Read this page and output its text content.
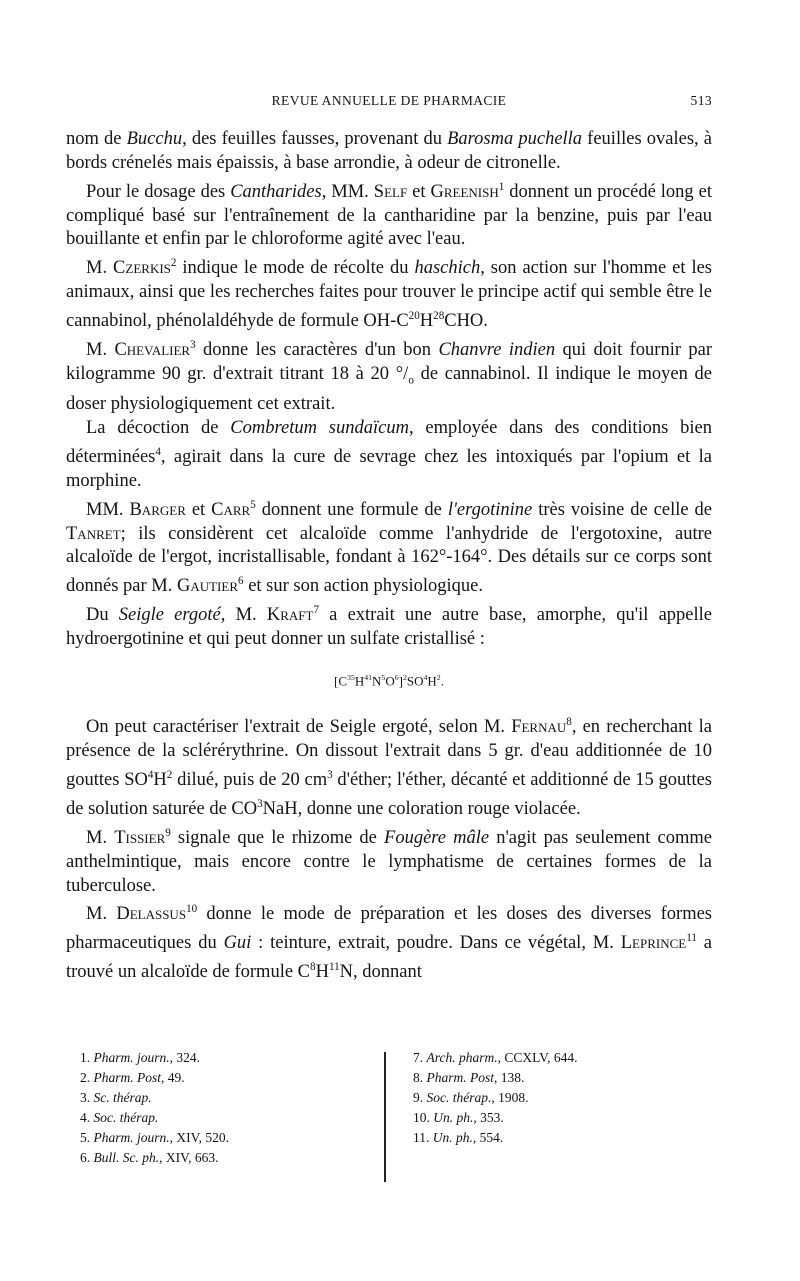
REVUE ANNUELLE DE PHARMACIE	513

nom de Bucchu, des feuilles fausses, provenant du Barosma puchella feuilles ovales, à bords crénelés mais épaissis, à base arrondie, à odeur de citronelle.

Pour le dosage des Cantharides, MM. Self et Greenish$^1$ donnent un procédé long et compliqué basé sur l'entraînement de la cantharidine par la benzine, puis par l'eau bouillante et enfin par le chloroforme agité avec l'eau.

M. Czerkis$^2$ indique le mode de récolte du haschich, son action sur l'homme et les animaux, ainsi que les recherches faites pour trouver le principe actif qui semble être le cannabinol, phénolaldéhyde de formule $OH-C^{20}H^{28}CHO$.

M. Chevalier$^3$ donne les caractères d'un bon Chanvre indien qui doit fournir par kilogramme 90 gr. d'extrait titrant 18 à 20 $^\circ/_o$ de cannabinol. Il indique le moyen de doser physiologiquement cet extrait.

La décoction de Combretum sundaïcum, employée dans des conditions bien déterminées$^4$, agirait dans la cure de sevrage chez les intoxiqués par l'opium et la morphine.

MM. Barger et Carr$^5$ donnent une formule de l'ergotinine très voisine de celle de Tanret; ils considèrent cet alcaloïde comme l'anhydride de l'ergotoxine, autre alcaloïde de l'ergot, incristallisable, fondant à 162°-164°. Des détails sur ce corps sont donnés par M. Gautier$^6$ et sur son action physiologique.

Du Seigle ergoté, M. Kraft$^7$ a extrait une autre base, amorphe, qu'il appelle hydroergotinine et qui peut donner un sulfate cristallisé :

$[C^{35}H^{41}N^5O^6]^2SO^4H^2$.

On peut caractériser l'extrait de Seigle ergoté, selon M. Fernau$^8$, en recherchant la présence de la sclérérythrine. On dissout l'extrait dans 5 gr. d'eau additionnée de 10 gouttes $SO^4H^2$ dilué, puis de 20 $cm^3$ d'éther; l'éther, décanté et additionné de 15 gouttes de solution saturée de $CO^3NaH$, donne une coloration rouge violacée.

M. Tissier$^9$ signale que le rhizome de Fougère mâle n'agit pas seulement comme anthelmintique, mais encore contre le lymphatisme de certaines formes de la tuberculose.

M. Delassus$^{10}$ donne le mode de préparation et les doses des diverses formes pharmaceutiques du Gui : teinture, extrait, poudre. Dans ce végétal, M. Leprince$^{11}$ a trouvé un alcaloïde de formule $C^8H^{11}N$, donnant

1. Pharm. journ., 324.
2. Pharm. Post, 49.
3. Sc. thérap.
4. Soc. thérap.
5. Pharm. journ., XIV, 520.
6. Bull. Sc. ph., XIV, 663.
7. Arch. pharm., CCXLV, 644.
8. Pharm. Post, 138.
9. Soc. thérap., 1908.
10. Un. ph., 353.
11. Un. ph., 554.
